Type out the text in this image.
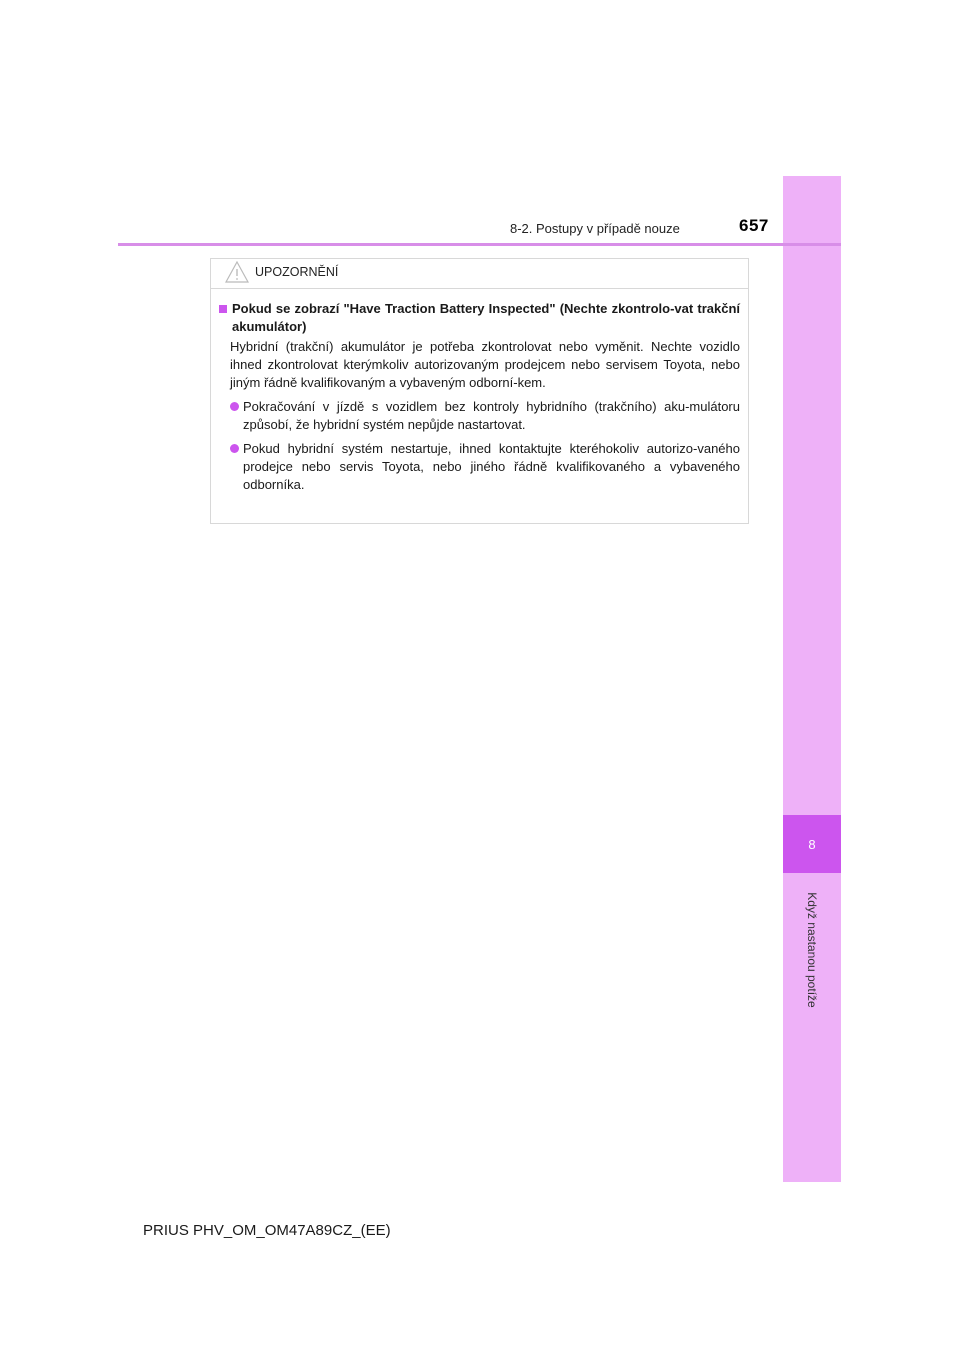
8
Když nastanou potíže
8-2. Postupy v případě nouze	657
UPOZORNĚNÍ
Pokud se zobrazí "Have Traction Battery Inspected" (Nechte zkontrolo-vat trakční akumulátor)
Hybridní (trakční) akumulátor je potřeba zkontrolovat nebo vyměnit. Nechte vozidlo ihned zkontrolovat kterýmkoliv autorizovaným prodejcem nebo servisem Toyota, nebo jiným řádně kvalifikovaným a vybaveným odborní-kem.
Pokračování v jízdě s vozidlem bez kontroly hybridního (trakčního) aku-mulátoru způsobí, že hybridní systém nepůjde nastartovat.
Pokud hybridní systém nestartuje, ihned kontaktujte kteréhokoliv autorizo-vaného prodejce nebo servis Toyota, nebo jiného řádně kvalifikovaného a vybaveného odborníka.
PRIUS PHV_OM_OM47A89CZ_(EE)
